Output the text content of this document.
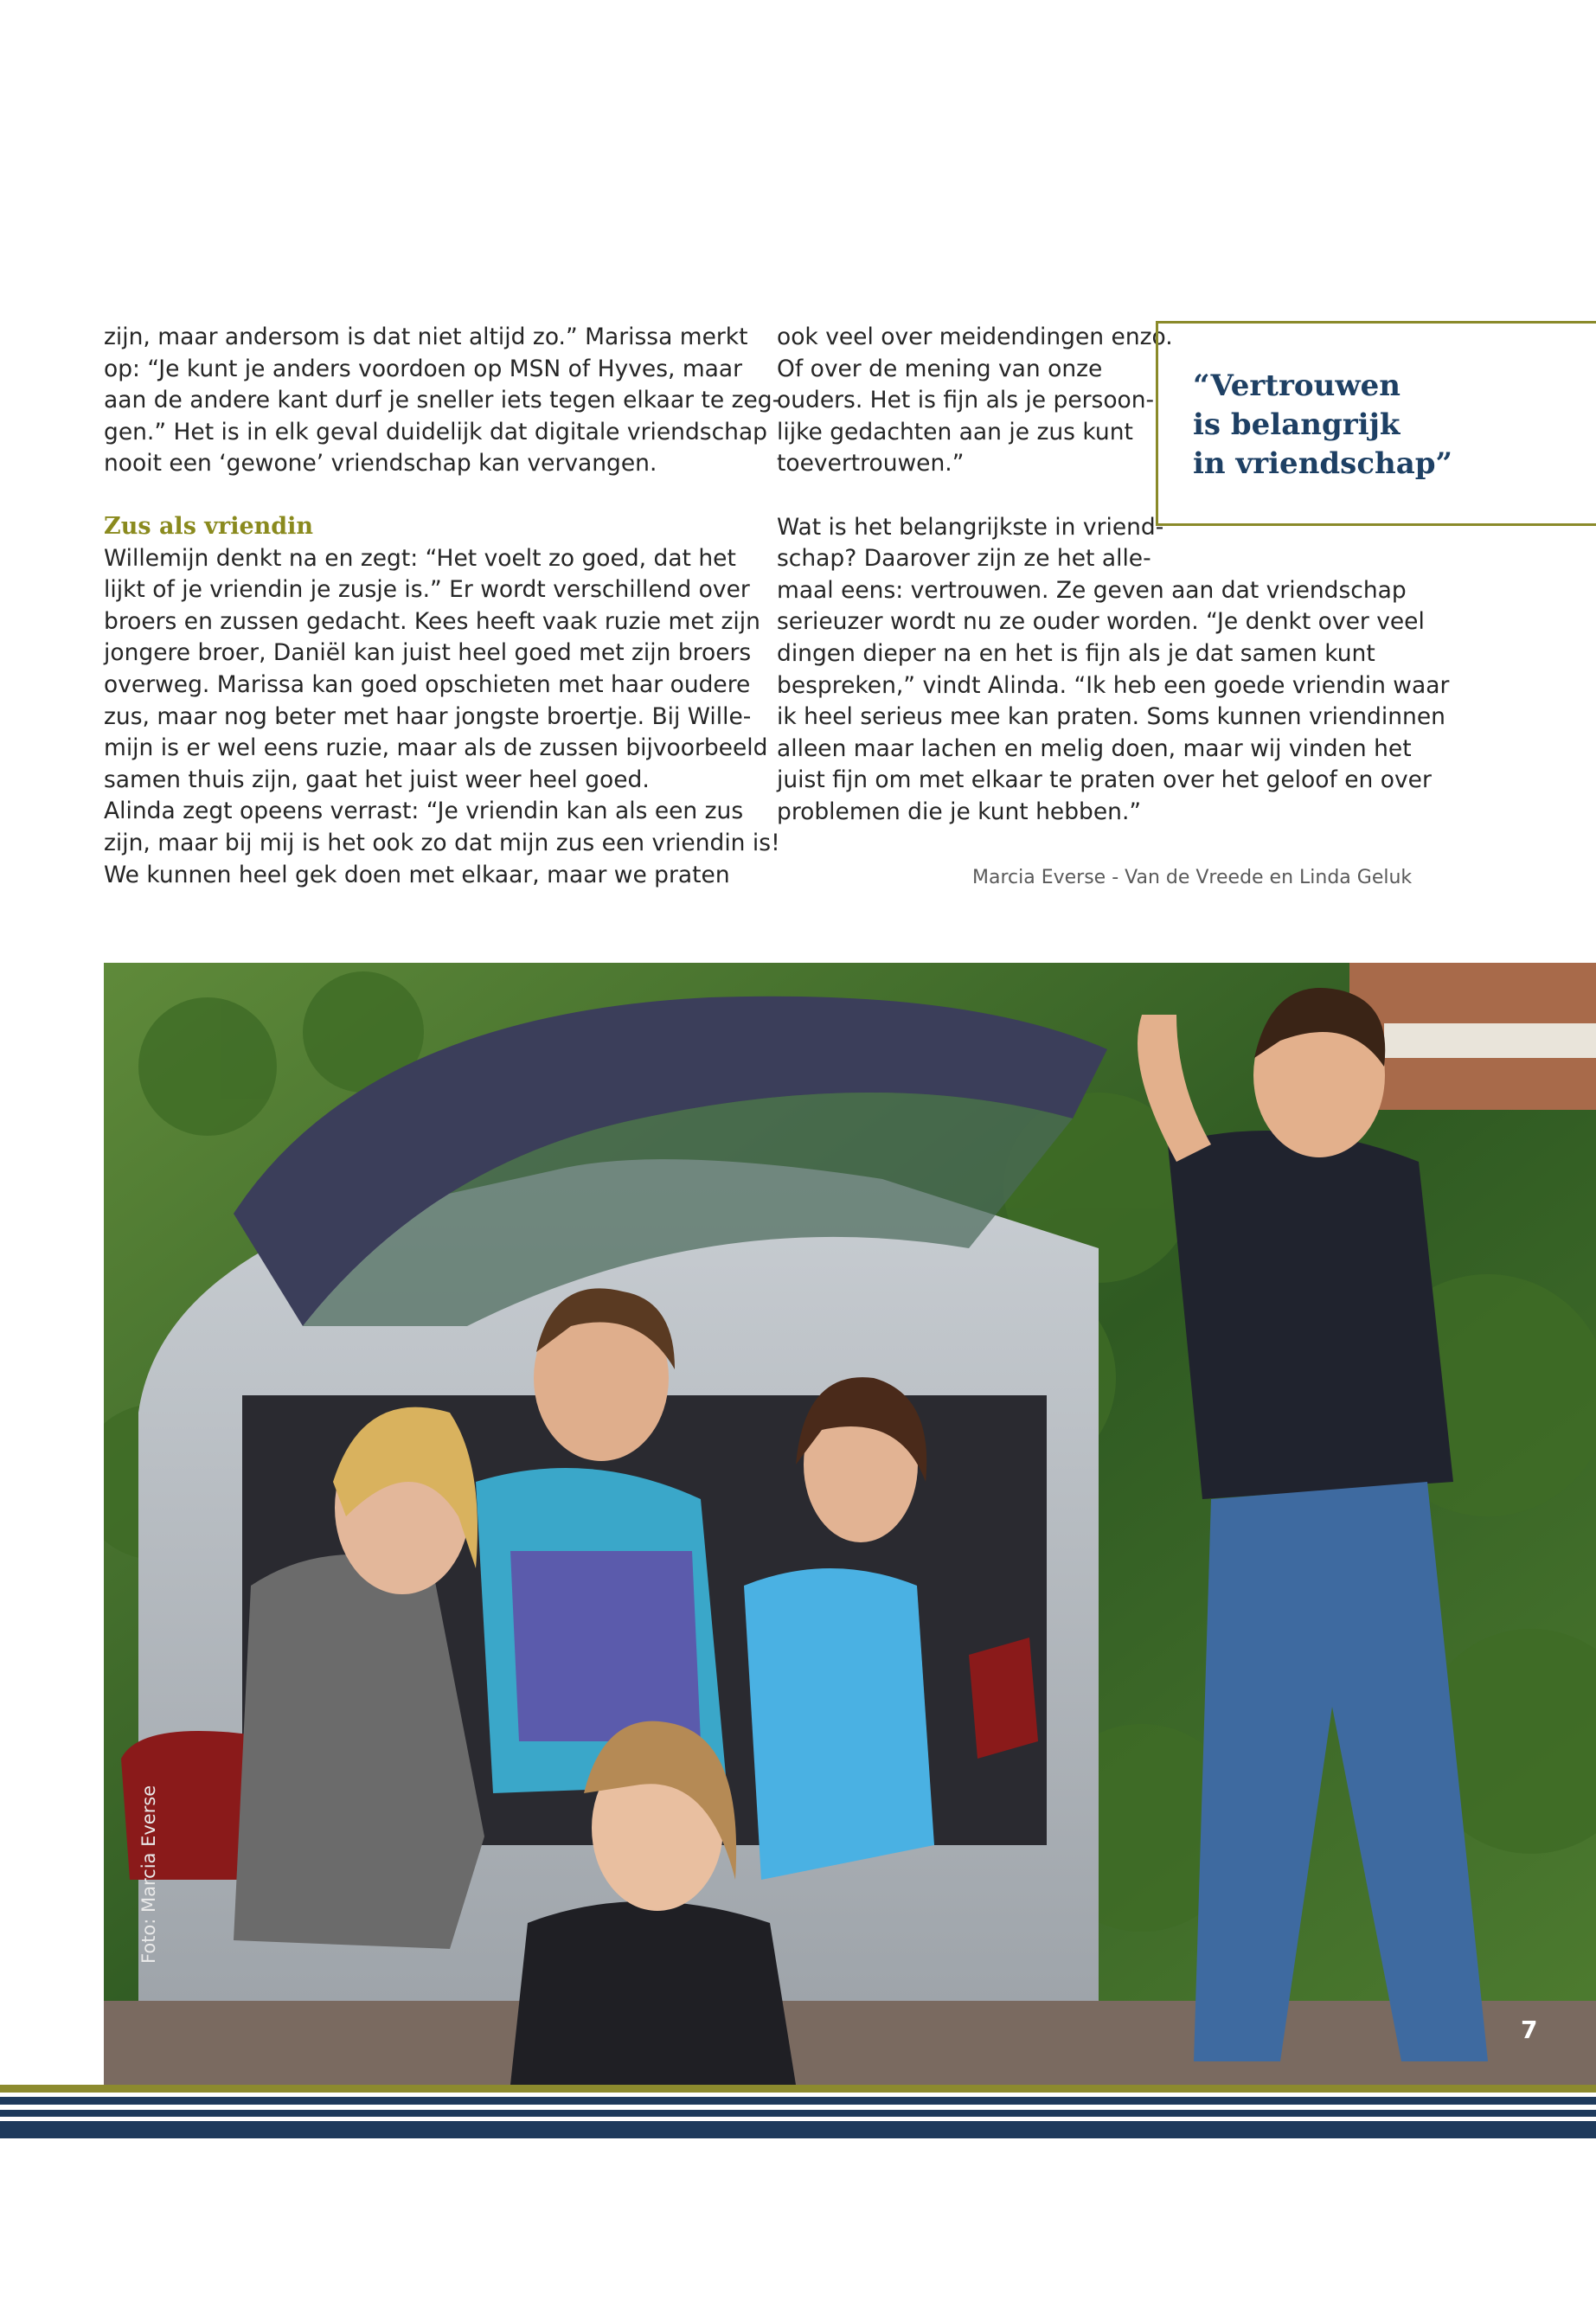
zijn, maar andersom is dat niet altijd zo.” Marissa merkt

op: “Je kunt je anders voordoen op MSN of Hyves, maar

aan de andere kant durf je sneller iets tegen elkaar te zeg-

gen.” Het is in elk geval duidelijk dat digitale vriendschap

nooit een ‘gewone’ vriendschap kan vervangen.

Zus als vriendin

Willemijn denkt na en zegt: “Het voelt zo goed, dat het

lijkt of je vriendin je zusje is.” Er wordt verschillend over

broers en zussen gedacht. Kees heeft vaak ruzie met zijn

jongere broer, Daniël kan juist heel goed met zijn broers

overweg. Marissa kan goed opschieten met haar oudere

zus, maar nog beter met haar jongste broertje. Bij Wille-

mijn is er wel eens ruzie, maar als de zussen bijvoorbeeld

samen thuis zijn, gaat het juist weer heel goed.

Alinda zegt opeens verrast: “Je vriendin kan als een zus

zijn, maar bij mij is het ook zo dat mijn zus een vriendin is!

We kunnen heel gek doen met elkaar, maar we praten

ook veel over meidendingen enzo.

Of over de mening van onze

ouders. Het is fijn als je persoon-

lijke gedachten aan je zus kunt

toevertrouwen.”

Wat is het belangrijkste in vriend-

schap? Daarover zijn ze het alle-

maal eens: vertrouwen. Ze geven aan dat vriendschap

serieuzer wordt nu ze ouder worden. “Je denkt over veel

dingen dieper na en het is fijn als je dat samen kunt

bespreken,” vindt Alinda. “Ik heb een goede vriendin waar

ik heel serieus mee kan praten. Soms kunnen vriendinnen

alleen maar lachen en melig doen, maar wij vinden het

juist fijn om met elkaar te praten over het geloof en over

problemen die je kunt hebben.”

“Vertrouwen

is belangrijk

in vriendschap”

Marcia Everse - Van de Vreede en Linda Geluk
Foto: Marcia Everse
7
